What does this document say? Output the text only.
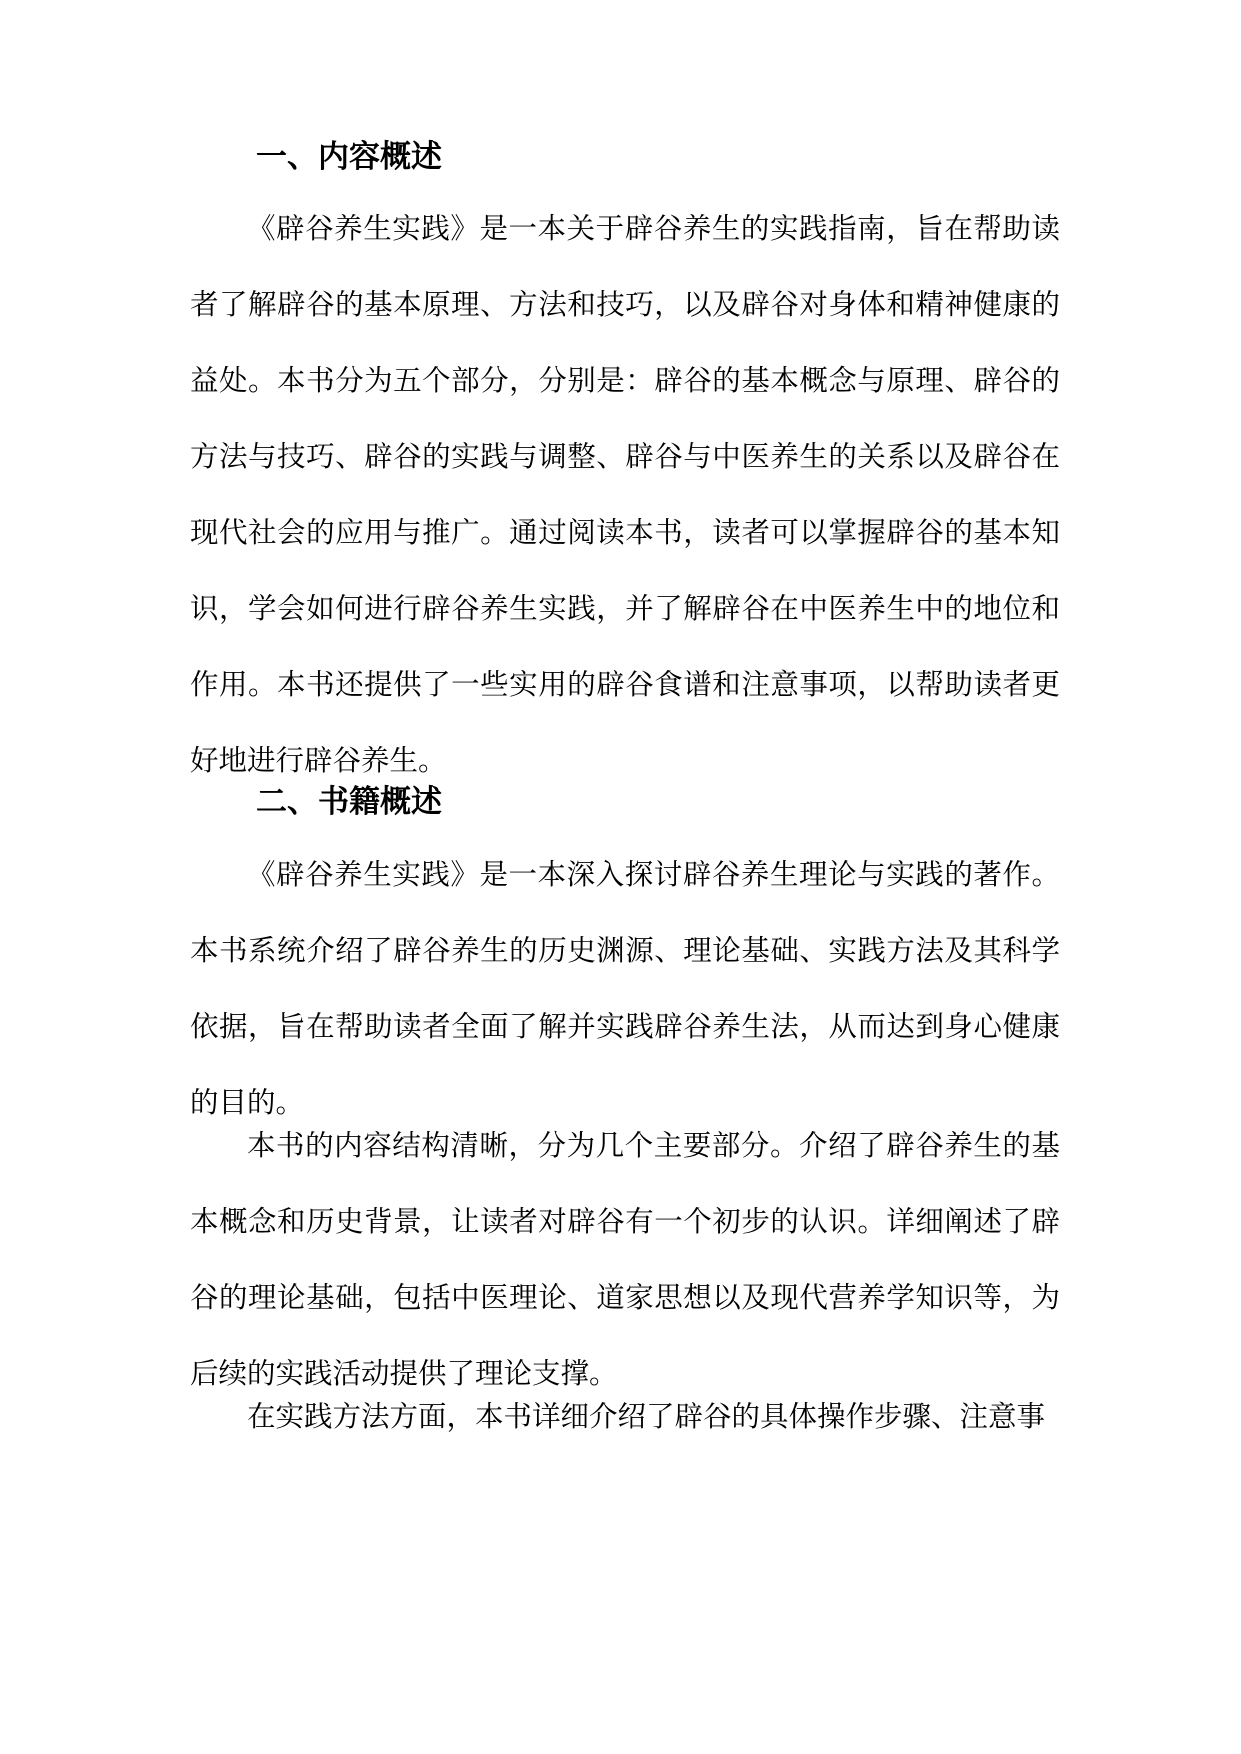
一、内容概述

《辟谷养生实践》是一本关于辟谷养生的实践指南，旨在帮助读者了解辟谷的基本原理、方法和技巧，以及辟谷对身体和精神健康的益处。本书分为五个部分，分别是：辟谷的基本概念与原理、辟谷的方法与技巧、辟谷的实践与调整、辟谷与中医养生的关系以及辟谷在现代社会的应用与推广。通过阅读本书，读者可以掌握辟谷的基本知识，学会如何进行辟谷养生实践，并了解辟谷在中医养生中的地位和作用。本书还提供了一些实用的辟谷食谱和注意事项，以帮助读者更好地进行辟谷养生。

二、书籍概述

《辟谷养生实践》是一本深入探讨辟谷养生理论与实践的著作。本书系统介绍了辟谷养生的历史渊源、理论基础、实践方法及其科学依据，旨在帮助读者全面了解并实践辟谷养生法，从而达到身心健康的目的。

本书的内容结构清晰，分为几个主要部分。介绍了辟谷养生的基本概念和历史背景，让读者对辟谷有一个初步的认识。详细阐述了辟谷的理论基础，包括中医理论、道家思想以及现代营养学知识等，为后续的实践活动提供了理论支撑。

在实践方法方面，本书详细介绍了辟谷的具体操作步骤、注意事
